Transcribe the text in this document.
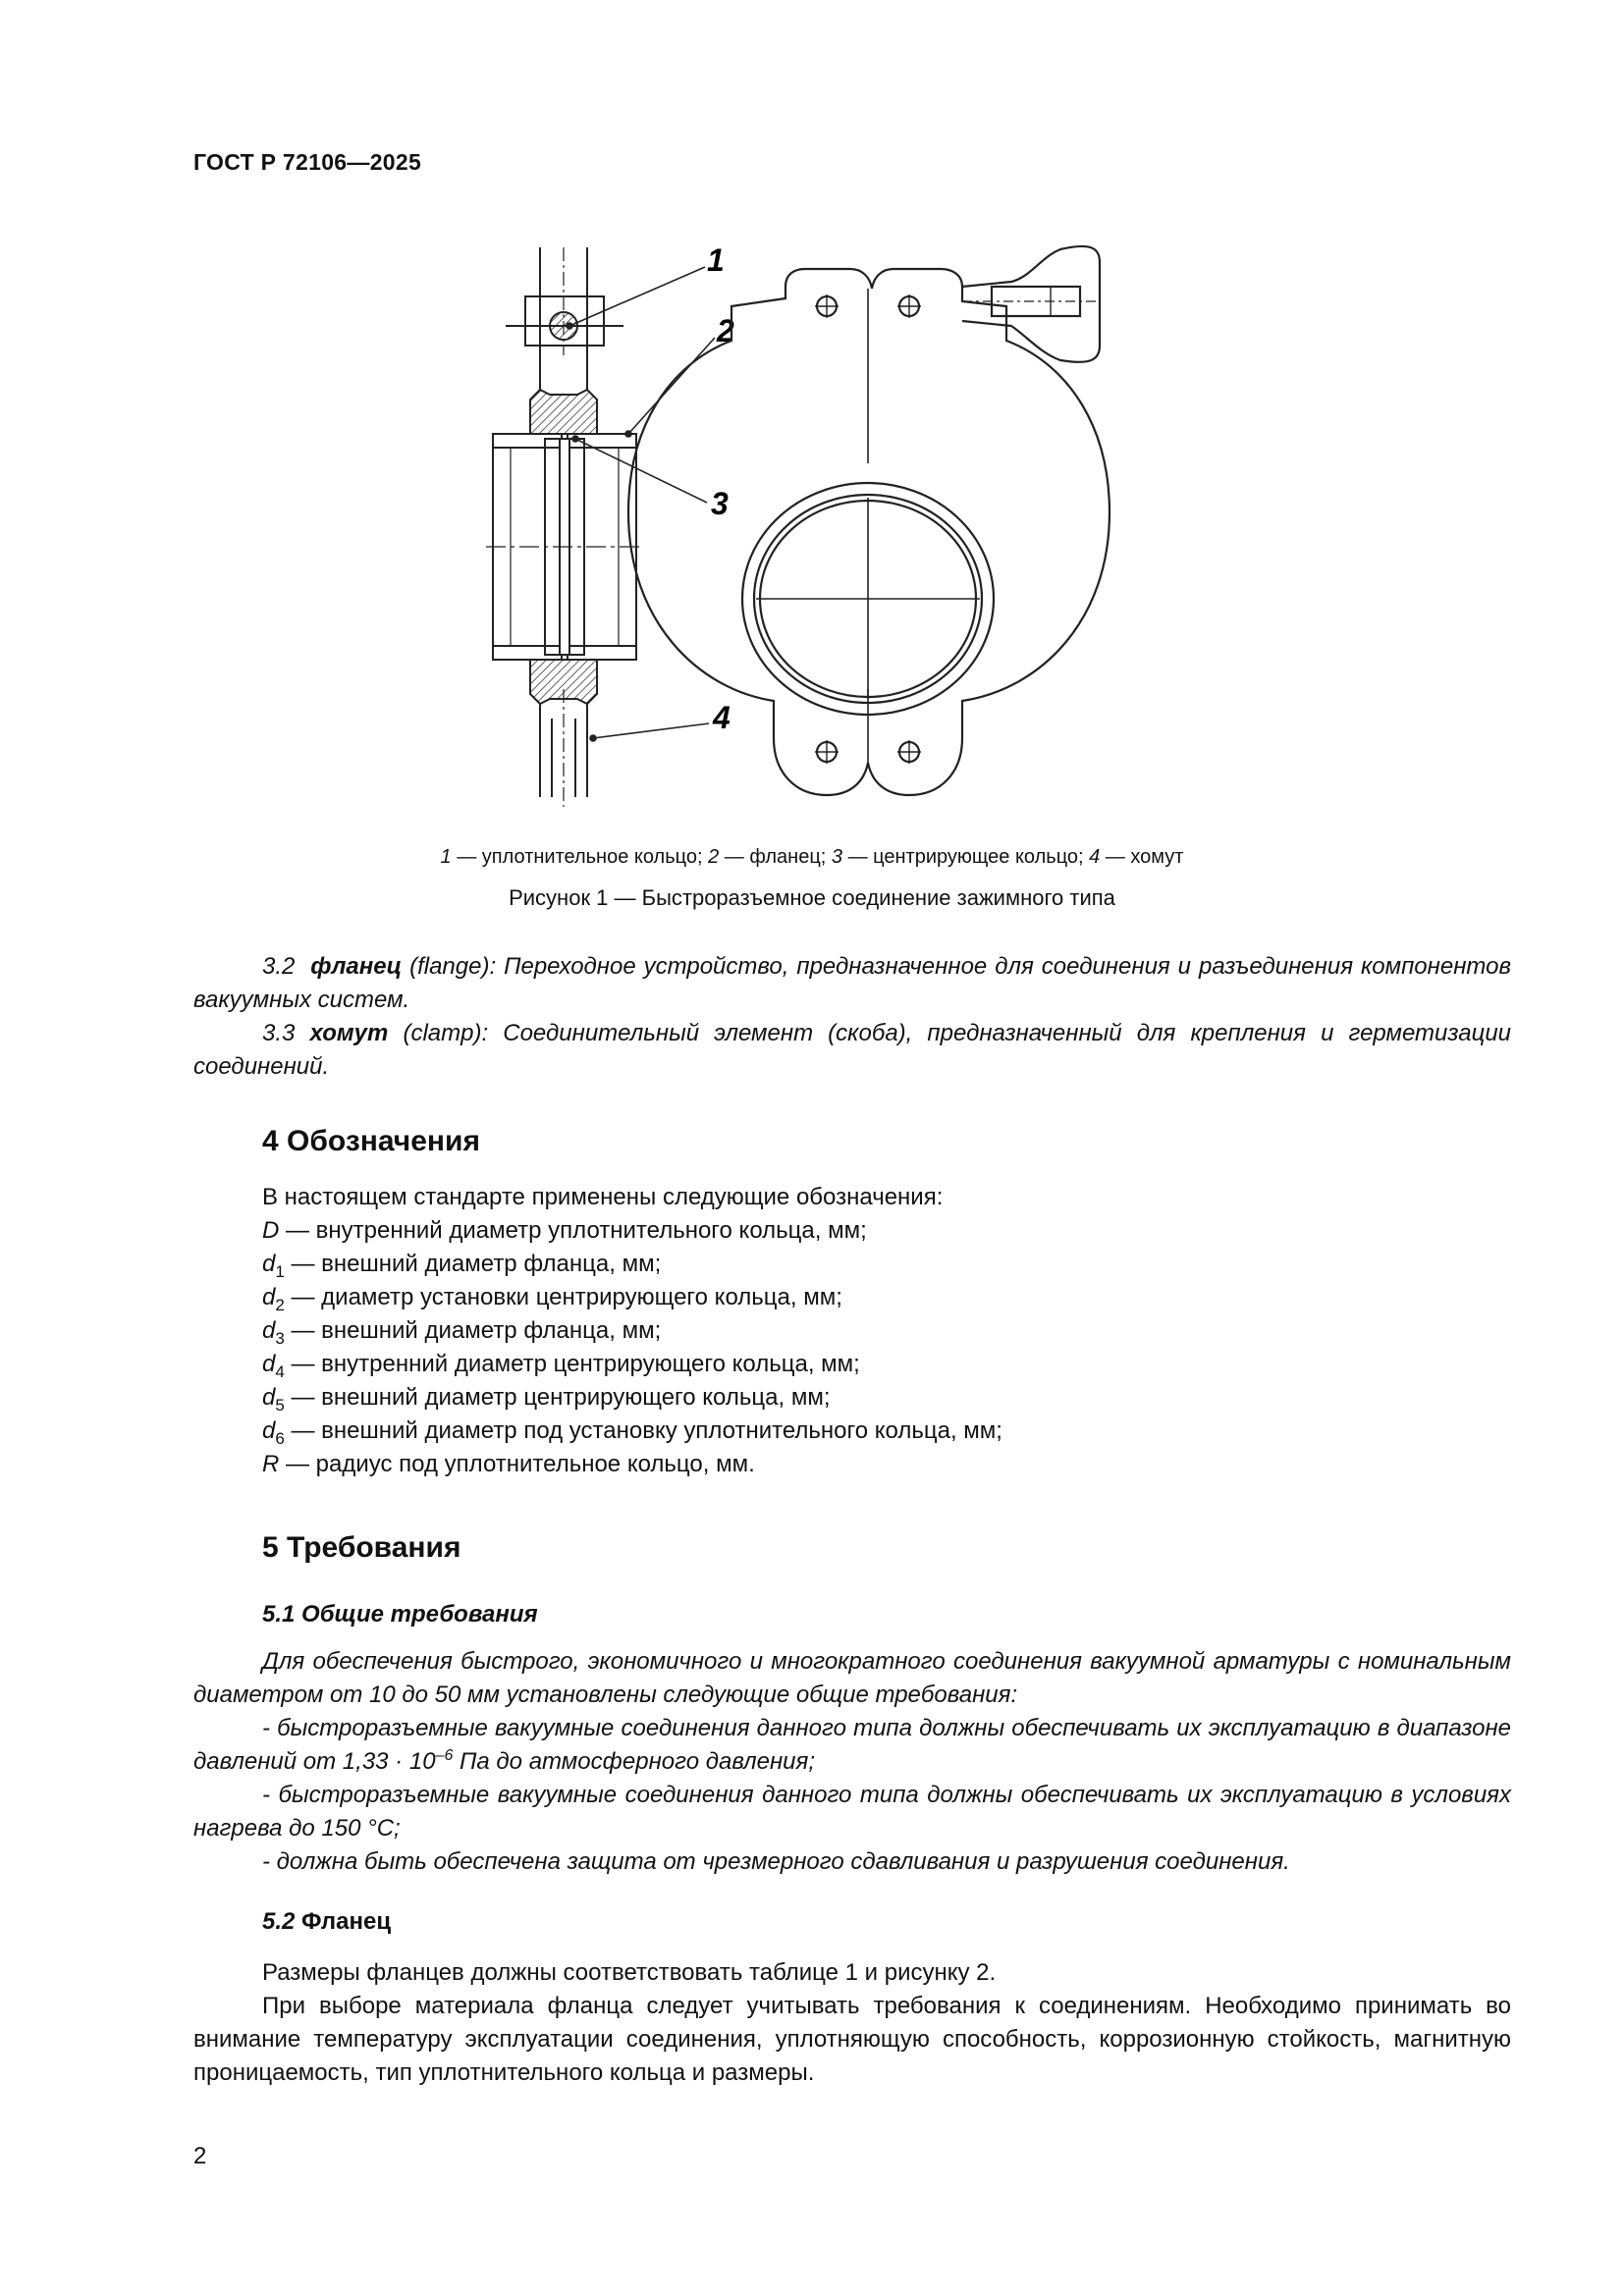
ГОСТ Р 72106—2025
1
2
3
4
1 — уплотнительное кольцо; 2 — фланец; 3 — центрирующее кольцо; 4 — хомут
Рисунок 1 — Быстроразъемное соединение зажимного типа

3.2 фланец (flange): Переходное устройство, предназначенное для соединения и разъединения компонентов вакуумных систем.

3.3 хомут (clamp): Соединительный элемент (скоба), предназначенный для крепления и герметизации соединений.

4 Обозначения

В настоящем стандарте применены следующие обозначения:

D — внутренний диаметр уплотнительного кольца, мм;

$d_1$ — внешний диаметр фланца, мм;

$d_2$ — диаметр установки центрирующего кольца, мм;

$d_3$ — внешний диаметр фланца, мм;

$d_4$ — внутренний диаметр центрирующего кольца, мм;

$d_5$ — внешний диаметр центрирующего кольца, мм;

$d_6$ — внешний диаметр под установку уплотнительного кольца, мм;

R — радиус под уплотнительное кольцо, мм.

5 Требования
5.1 Общие требования

Для обеспечения быстрого, экономичного и многократного соединения вакуумной арматуры с номинальным диаметром от 10 до 50 мм установлены следующие общие требования:

- быстроразъемные вакуумные соединения данного типа должны обеспечивать их эксплуатацию в диапазоне давлений от $1,33 \cdot 10^{-6}$ Па до атмосферного давления;

- быстроразъемные вакуумные соединения данного типа должны обеспечивать их эксплуатацию в условиях нагрева до 150 °С;

- должна быть обеспечена защита от чрезмерного сдавливания и разрушения соединения.

5.2 Фланец

Размеры фланцев должны соответствовать таблице 1 и рисунку 2.

При выборе материала фланца следует учитывать требования к соединениям. Необходимо принимать во внимание температуру эксплуатации соединения, уплотняющую способность, коррозионную стойкость, магнитную проницаемость, тип уплотнительного кольца и размеры.

2
